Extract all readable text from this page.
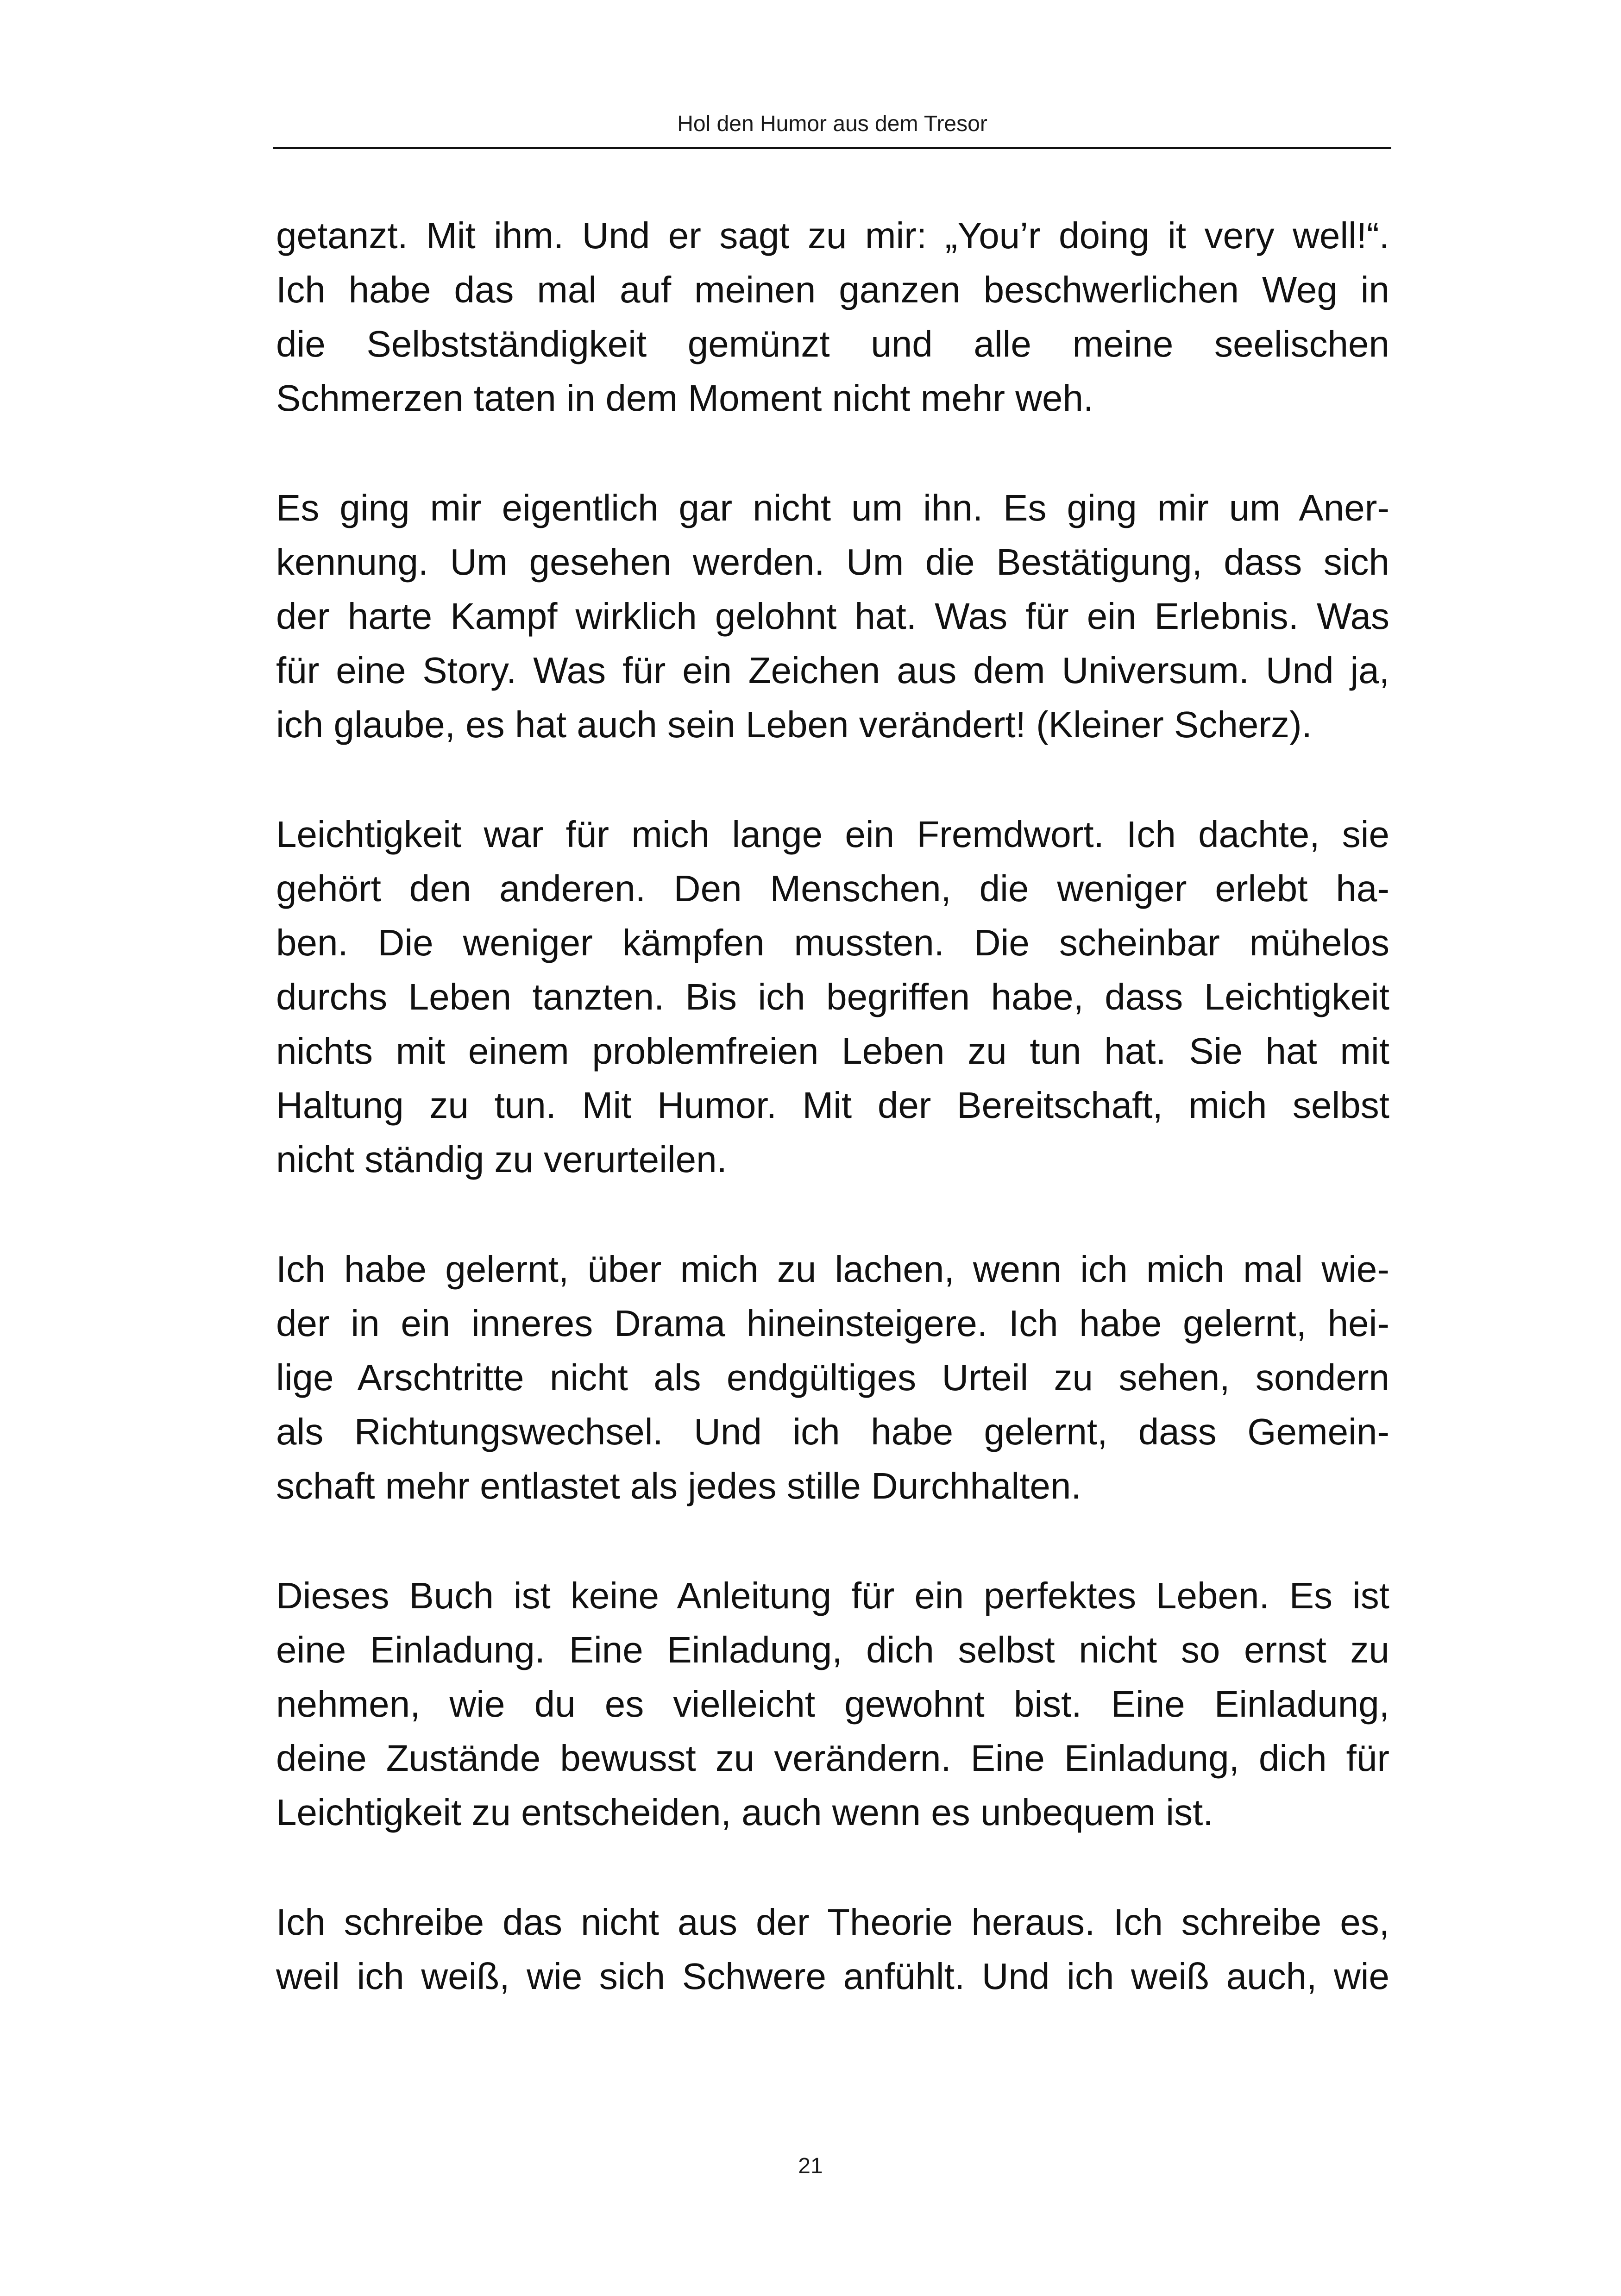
Hol den Humor aus dem Tresor
getanzt. Mit ihm. Und er sagt zu mir: „You’r doing it very well!“.
Ich habe das mal auf meinen ganzen beschwerlichen Weg in
die Selbstständigkeit gemünzt und alle meine seelischen
Schmerzen taten in dem Moment nicht mehr weh.
Es ging mir eigentlich gar nicht um ihn. Es ging mir um Aner-
kennung. Um gesehen werden. Um die Bestätigung, dass sich
der harte Kampf wirklich gelohnt hat. Was für ein Erlebnis. Was
für eine Story. Was für ein Zeichen aus dem Universum. Und ja,
ich glaube, es hat auch sein Leben verändert! (Kleiner Scherz).
Leichtigkeit war für mich lange ein Fremdwort. Ich dachte, sie
gehört den anderen. Den Menschen, die weniger erlebt ha-
ben. Die weniger kämpfen mussten. Die scheinbar mühelos
durchs Leben tanzten. Bis ich begriffen habe, dass Leichtigkeit
nichts mit einem problemfreien Leben zu tun hat. Sie hat mit
Haltung zu tun. Mit Humor. Mit der Bereitschaft, mich selbst
nicht ständig zu verurteilen.
Ich habe gelernt, über mich zu lachen, wenn ich mich mal wie-
der in ein inneres Drama hineinsteigere. Ich habe gelernt, hei-
lige Arschtritte nicht als endgültiges Urteil zu sehen, sondern
als Richtungswechsel. Und ich habe gelernt, dass Gemein-
schaft mehr entlastet als jedes stille Durchhalten.
Dieses Buch ist keine Anleitung für ein perfektes Leben. Es ist
eine Einladung. Eine Einladung, dich selbst nicht so ernst zu
nehmen, wie du es vielleicht gewohnt bist. Eine Einladung,
deine Zustände bewusst zu verändern. Eine Einladung, dich für
Leichtigkeit zu entscheiden, auch wenn es unbequem ist.
Ich schreibe das nicht aus der Theorie heraus. Ich schreibe es,
weil ich weiß, wie sich Schwere anfühlt. Und ich weiß auch, wie
21
